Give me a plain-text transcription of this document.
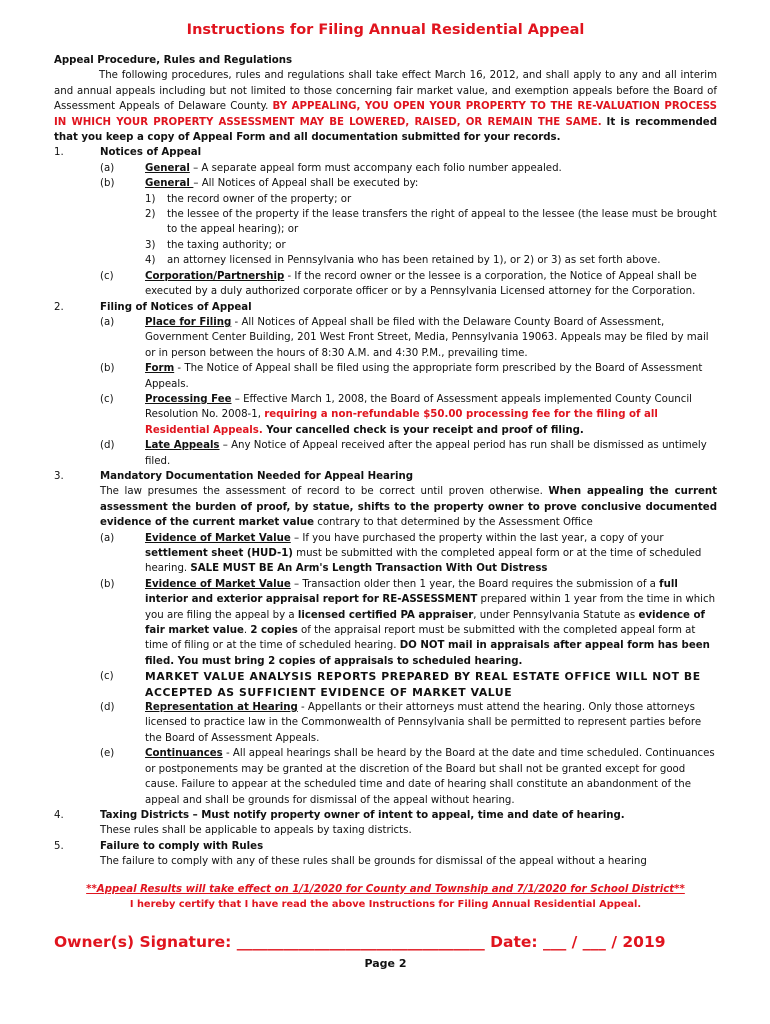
Instructions for Filing Annual Residential Appeal
Appeal Procedure, Rules and Regulations
The following procedures, rules and regulations shall take effect March 16, 2012, and shall apply to any and all interim and annual appeals including but not limited to those concerning fair market value, and exemption appeals before the Board of Assessment Appeals of Delaware County. BY APPEALING, YOU OPEN YOUR PROPERTY TO THE RE-VALUATION PROCESS IN WHICH YOUR PROPERTY ASSESSMENT MAY BE LOWERED, RAISED, OR REMAIN THE SAME. It is recommended that you keep a copy of Appeal Form and all documentation submitted for your records.
1.	Notices of Appeal
(a)	General – A separate appeal form must accompany each folio number appealed.
(b)	General – All Notices of Appeal shall be executed by:
1)	the record owner of the property; or
2)	the lessee of the property if the lease transfers the right of appeal to the lessee (the lease must be brought to the appeal hearing); or
3)	the taxing authority; or
4)	an attorney licensed in Pennsylvania who has been retained by 1), or 2) or 3) as set forth above.
(c)	Corporation/Partnership - If the record owner or the lessee is a corporation, the Notice of Appeal shall be executed by a duly authorized corporate officer or by a Pennsylvania Licensed attorney for the Corporation.
2.	Filing of Notices of Appeal
(a)	Place for Filing - All Notices of Appeal shall be filed with the Delaware County Board of Assessment, Government Center Building, 201 West Front Street, Media, Pennsylvania 19063. Appeals may be filed by mail or in person between the hours of 8:30 A.M. and 4:30 P.M., prevailing time.
(b)	Form - The Notice of Appeal shall be filed using the appropriate form prescribed by the Board of Assessment Appeals.
(c)	Processing Fee – Effective March 1, 2008, the Board of Assessment appeals implemented County Council Resolution No. 2008-1, requiring a non-refundable $50.00 processing fee for the filing of all Residential Appeals. Your cancelled check is your receipt and proof of filing.
(d)	Late Appeals – Any Notice of Appeal received after the appeal period has run shall be dismissed as untimely filed.
3.	Mandatory Documentation Needed for Appeal Hearing
The law presumes the assessment of record to be correct until proven otherwise. When appealing the current assessment the burden of proof, by statue, shifts to the property owner to prove conclusive documented evidence of the current market value contrary to that determined by the Assessment Office
(a)	Evidence of Market Value – If you have purchased the property within the last year, a copy of your settlement sheet (HUD-1) must be submitted with the completed appeal form or at the time of scheduled hearing. SALE MUST BE An Arm's Length Transaction With Out Distress
(b)	Evidence of Market Value – Transaction older then 1 year, the Board requires the submission of a full interior and exterior appraisal report for RE-ASSESSMENT prepared within 1 year from the time in which you are filing the appeal by a licensed certified PA appraiser, under Pennsylvania Statute as evidence of fair market value. 2 copies of the appraisal report must be submitted with the completed appeal form at time of filing or at the time of scheduled hearing. DO NOT mail in appraisals after appeal form has been filed. You must bring 2 copies of appraisals to scheduled hearing.
(c)	MARKET VALUE ANALYSIS REPORTS PREPARED BY REAL ESTATE OFFICE WILL NOT BE ACCEPTED AS SUFFICIENT EVIDENCE OF MARKET VALUE
(d)	Representation at Hearing - Appellants or their attorneys must attend the hearing. Only those attorneys licensed to practice law in the Commonwealth of Pennsylvania shall be permitted to represent parties before the Board of Assessment Appeals.
(e)	Continuances - All appeal hearings shall be heard by the Board at the date and time scheduled. Continuances or postponements may be granted at the discretion of the Board but shall not be granted except for good cause. Failure to appear at the scheduled time and date of hearing shall constitute an abandonment of the appeal and shall be grounds for dismissal of the appeal without hearing.
4.	Taxing Districts – Must notify property owner of intent to appeal, time and date of hearing.
These rules shall be applicable to appeals by taxing districts.
5.	Failure to comply with Rules
The failure to comply with any of these rules shall be grounds for dismissal of the appeal without a hearing
**Appeal Results will take effect on 1/1/2020 for County and Township and 7/1/2020 for School District**
I hereby certify that I have read the above Instructions for Filing Annual Residential Appeal.
Owner(s) Signature: ________________________________ Date: ___ / ___ / 2019
Page 2
